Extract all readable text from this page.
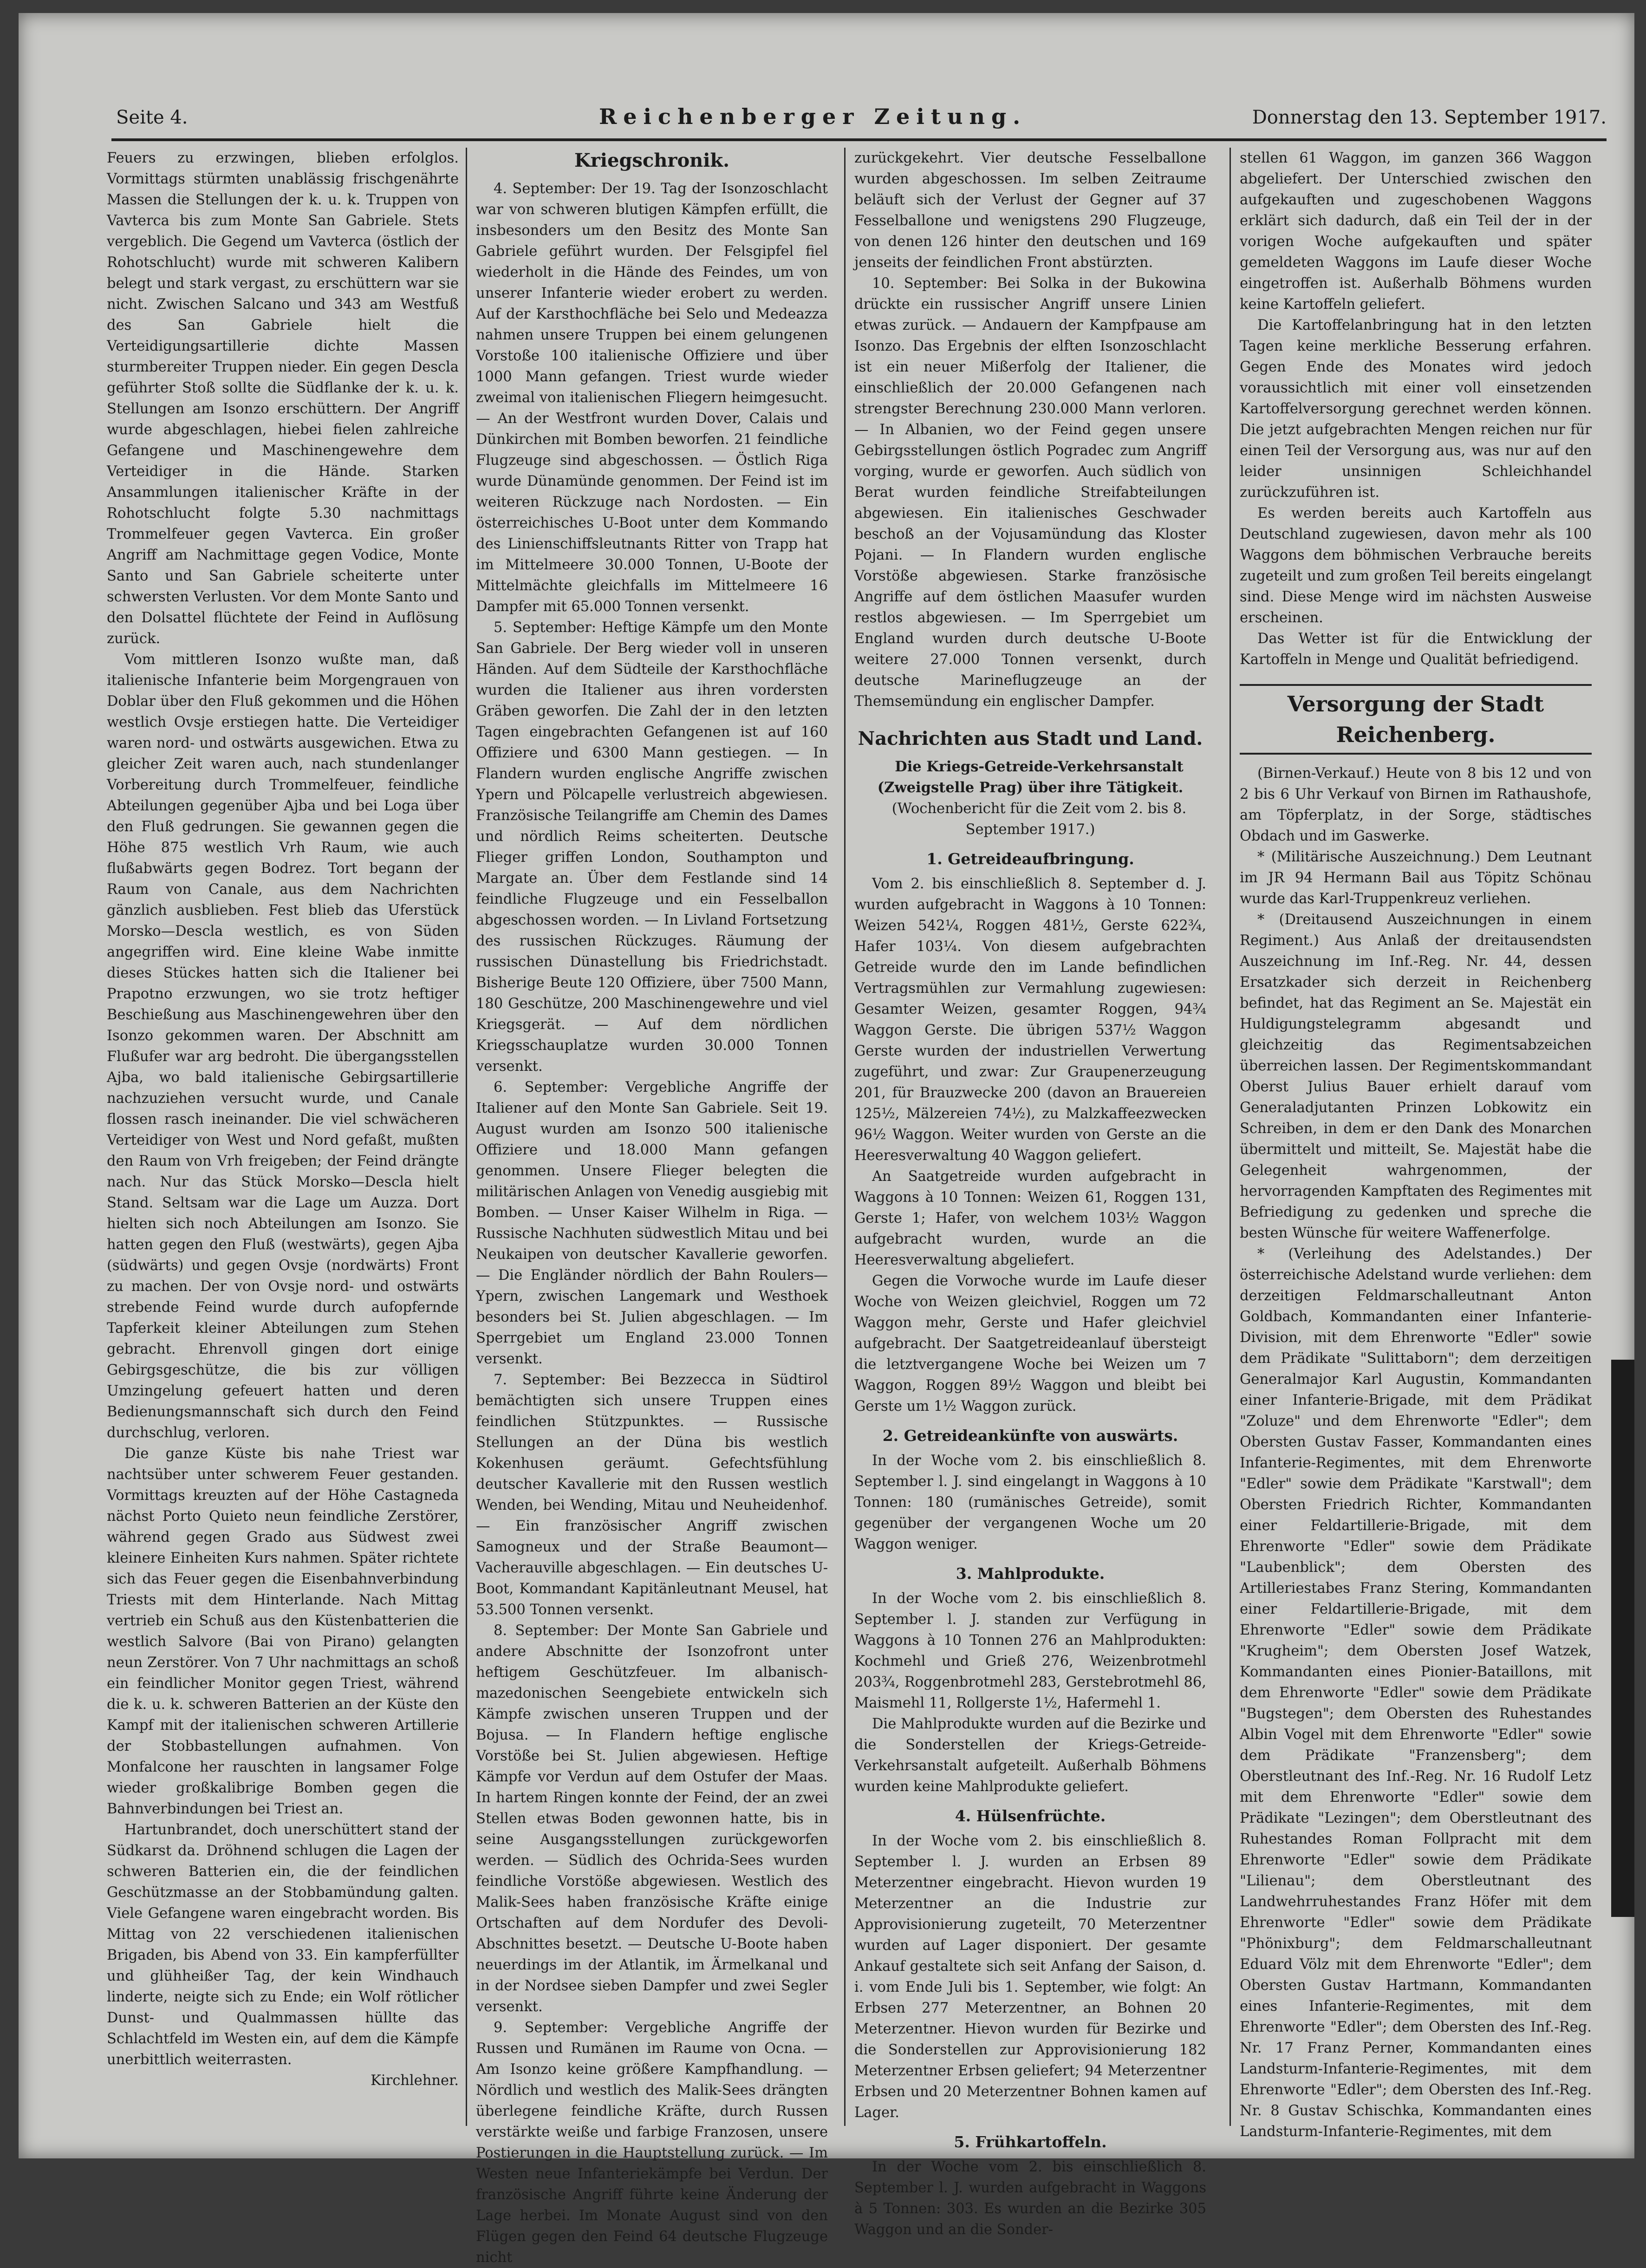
Seite 4.	Reichenberger Zeitung.	Donnerstag den 13. September 1917.

Feuers zu erzwingen, blieben erfolglos. Vormittags stürmten unablässig frischgenährte Massen die Stellungen der k. u. k. Truppen von Vavterca bis zum Monte San Gabriele. Stets vergeblich. Die Gegend um Vavterca (östlich der Rohotschlucht) wurde mit schweren Kalibern belegt und stark vergast, zu erschüttern war sie nicht. Zwischen Salcano und 343 am Westfuß des San Gabriele hielt die Verteidigungsartillerie dichte Massen sturmbereiter Truppen nieder. Ein gegen Descla geführter Stoß sollte die Südflanke der k. u. k. Stellungen am Isonzo erschüttern. Der Angriff wurde abgeschlagen, hiebei fielen zahlreiche Gefangene und Maschinengewehre dem Verteidiger in die Hände. Starken Ansammlungen italienischer Kräfte in der Rohotschlucht folgte 5.30 nachmittags Trommelfeuer gegen Vavterca. Ein großer Angriff am Nachmittage gegen Vodice, Monte Santo und San Gabriele scheiterte unter schwersten Verlusten. Vor dem Monte Santo und den Dolsattel flüchtete der Feind in Auflösung zurück.

Vom mittleren Isonzo wußte man, daß italienische Infanterie beim Morgengrauen von Doblar über den Fluß gekommen und die Höhen westlich Ovsje erstiegen hatte. Die Verteidiger waren nord- und ostwärts ausgewichen. Etwa zu gleicher Zeit waren auch, nach stundenlanger Vorbereitung durch Trommelfeuer, feindliche Abteilungen gegenüber Ajba und bei Loga über den Fluß gedrungen. Sie gewannen gegen die Höhe 875 westlich Vrh Raum, wie auch flußabwärts gegen Bodrez. Tort begann der Raum von Canale, aus dem Nachrichten gänzlich ausblieben. Fest blieb das Uferstück Morsko—Descla westlich, es von Süden angegriffen wird. Eine kleine Wabe inmitte dieses Stückes hatten sich die Italiener bei Prapotno erzwungen, wo sie trotz heftiger Beschießung aus Maschinengewehren über den Isonzo gekommen waren. Der Abschnitt am Flußufer war arg bedroht. Die übergangsstellen Ajba, wo bald italienische Gebirgsartillerie nachzuziehen versucht wurde, und Canale flossen rasch ineinander. Die viel schwächeren Verteidiger von West und Nord gefaßt, mußten den Raum von Vrh freigeben; der Feind drängte nach. Nur das Stück Morsko—Descla hielt Stand. Seltsam war die Lage um Auzza. Dort hielten sich noch Abteilungen am Isonzo. Sie hatten gegen den Fluß (westwärts), gegen Ajba (südwärts) und gegen Ovsje (nordwärts) Front zu machen. Der von Ovsje nord- und ostwärts strebende Feind wurde durch aufopfernde Tapferkeit kleiner Abteilungen zum Stehen gebracht. Ehrenvoll gingen dort einige Gebirgsgeschütze, die bis zur völligen Umzingelung gefeuert hatten und deren Bedienungsmannschaft sich durch den Feind durchschlug, verloren.

Die ganze Küste bis nahe Triest war nachtsüber unter schwerem Feuer gestanden. Vormittags kreuzten auf der Höhe Castagneda nächst Porto Quieto neun feindliche Zerstörer, während gegen Grado aus Südwest zwei kleinere Einheiten Kurs nahmen. Später richtete sich das Feuer gegen die Eisenbahnverbindung Triests mit dem Hinterlande. Nach Mittag vertrieb ein Schuß aus den Küstenbatterien die westlich Salvore (Bai von Pirano) gelangten neun Zerstörer. Von 7 Uhr nachmittags an schoß ein feindlicher Monitor gegen Triest, während die k. u. k. schweren Batterien an der Küste den Kampf mit der italienischen schweren Artillerie der Stobbastellungen aufnahmen. Von Monfalcone her rauschten in langsamer Folge wieder großkalibrige Bomben gegen die Bahnverbindungen bei Triest an.

Hartunbrandet, doch unerschüttert stand der Südkarst da. Dröhnend schlugen die Lagen der schweren Batterien ein, die der feindlichen Geschützmasse an der Stobbamündung galten. Viele Gefangene waren eingebracht worden. Bis Mittag von 22 verschiedenen italienischen Brigaden, bis Abend von 33. Ein kampferfüllter und glühheißer Tag, der kein Windhauch linderte, neigte sich zu Ende; ein Wolf rötlicher Dunst- und Qualmmassen hüllte das Schlachtfeld im Westen ein, auf dem die Kämpfe unerbittlich weiterrasten.

Kirchlehner.

Kriegschronik.

4. September: Der 19. Tag der Isonzoschlacht war von schweren blutigen Kämpfen erfüllt, die insbesonders um den Besitz des Monte San Gabriele geführt wurden. Der Felsgipfel fiel wiederholt in die Hände des Feindes, um von unserer Infanterie wieder erobert zu werden. Auf der Karsthochfläche bei Selo und Medeazza nahmen unsere Truppen bei einem gelungenen Vorstoße 100 italienische Offiziere und über 1000 Mann gefangen. Triest wurde wieder zweimal von italienischen Fliegern heimgesucht. — An der Westfront wurden Dover, Calais und Dünkirchen mit Bomben beworfen. 21 feindliche Flugzeuge sind abgeschossen. — Östlich Riga wurde Dünamünde genommen. Der Feind ist im weiteren Rückzuge nach Nordosten. — Ein österreichisches U-Boot unter dem Kommando des Linienschiffsleutnants Ritter von Trapp hat im Mittelmeere 30.000 Tonnen, U-Boote der Mittelmächte gleichfalls im Mittelmeere 16 Dampfer mit 65.000 Tonnen versenkt.

5. September: Heftige Kämpfe um den Monte San Gabriele. Der Berg wieder voll in unseren Händen. Auf dem Südteile der Karsthochfläche wurden die Italiener aus ihren vordersten Gräben geworfen. Die Zahl der in den letzten Tagen eingebrachten Gefangenen ist auf 160 Offiziere und 6300 Mann gestiegen. — In Flandern wurden englische Angriffe zwischen Ypern und Pölcapelle verlustreich abgewiesen. Französische Teilangriffe am Chemin des Dames und nördlich Reims scheiterten. Deutsche Flieger griffen London, Southampton und Margate an. Über dem Festlande sind 14 feindliche Flugzeuge und ein Fesselballon abgeschossen worden. — In Livland Fortsetzung des russischen Rückzuges. Räumung der russischen Dünastellung bis Friedrichstadt. Bisherige Beute 120 Offiziere, über 7500 Mann, 180 Geschütze, 200 Maschinengewehre und viel Kriegsgerät. — Auf dem nördlichen Kriegsschauplatze wurden 30.000 Tonnen versenkt.

6. September: Vergebliche Angriffe der Italiener auf den Monte San Gabriele. Seit 19. August wurden am Isonzo 500 italienische Offiziere und 18.000 Mann gefangen genommen. Unsere Flieger belegten die militärischen Anlagen von Venedig ausgiebig mit Bomben. — Unser Kaiser Wilhelm in Riga. — Russische Nachhuten südwestlich Mitau und bei Neukaipen von deutscher Kavallerie geworfen. — Die Engländer nördlich der Bahn Roulers—Ypern, zwischen Langemark und Westhoek besonders bei St. Julien abgeschlagen. — Im Sperrgebiet um England 23.000 Tonnen versenkt.

7. September: Bei Bezzecca in Südtirol bemächtigten sich unsere Truppen eines feindlichen Stützpunktes. — Russische Stellungen an der Düna bis westlich Kokenhusen geräumt. Gefechtsfühlung deutscher Kavallerie mit den Russen westlich Wenden, bei Wending, Mitau und Neuheidenhof. — Ein französischer Angriff zwischen Samogneux und der Straße Beaumont—Vacherauville abgeschlagen. — Ein deutsches U-Boot, Kommandant Kapitänleutnant Meusel, hat 53.500 Tonnen versenkt.

8. September: Der Monte San Gabriele und andere Abschnitte der Isonzofront unter heftigem Geschützfeuer. Im albanisch-mazedonischen Seengebiete entwickeln sich Kämpfe zwischen unseren Truppen und der Bojusa. — In Flandern heftige englische Vorstöße bei St. Julien abgewiesen. Heftige Kämpfe vor Verdun auf dem Ostufer der Maas. In hartem Ringen konnte der Feind, der an zwei Stellen etwas Boden gewonnen hatte, bis in seine Ausgangsstellungen zurückgeworfen werden. — Südlich des Ochrida-Sees wurden feindliche Vorstöße abgewiesen. Westlich des Malik-Sees haben französische Kräfte einige Ortschaften auf dem Nordufer des Devoli-Abschnittes besetzt. — Deutsche U-Boote haben neuerdings im der Atlantik, im Ärmelkanal und in der Nordsee sieben Dampfer und zwei Segler versenkt.

9. September: Vergebliche Angriffe der Russen und Rumänen im Raume von Ocna. — Am Isonzo keine größere Kampfhandlung. — Nördlich und westlich des Malik-Sees drängten überlegene feindliche Kräfte, durch Russen verstärkte weiße und farbige Franzosen, unsere Postierungen in die Hauptstellung zurück. — Im Westen neue Infanteriekämpfe bei Verdun. Der französische Angriff führte keine Änderung der Lage herbei. Im Monate August sind von den Flügen gegen den Feind 64 deutsche Flugzeuge nicht

zurückgekehrt. Vier deutsche Fesselballone wurden abgeschossen. Im selben Zeitraume beläuft sich der Verlust der Gegner auf 37 Fesselballone und wenigstens 290 Flugzeuge, von denen 126 hinter den deutschen und 169 jenseits der feindlichen Front abstürzten.

10. September: Bei Solka in der Bukowina drückte ein russischer Angriff unsere Linien etwas zurück. — Andauern der Kampfpause am Isonzo. Das Ergebnis der elften Isonzoschlacht ist ein neuer Mißerfolg der Italiener, die einschließlich der 20.000 Gefangenen nach strengster Berechnung 230.000 Mann verloren. — In Albanien, wo der Feind gegen unsere Gebirgsstellungen östlich Pogradec zum Angriff vorging, wurde er geworfen. Auch südlich von Berat wurden feindliche Streifabteilungen abgewiesen. Ein italienisches Geschwader beschoß an der Vojusamündung das Kloster Pojani. — In Flandern wurden englische Vorstöße abgewiesen. Starke französische Angriffe auf dem östlichen Maasufer wurden restlos abgewiesen. — Im Sperrgebiet um England wurden durch deutsche U-Boote weitere 27.000 Tonnen versenkt, durch deutsche Marineflugzeuge an der Themsemündung ein englischer Dampfer.

Nachrichten aus Stadt und Land.

Die Kriegs-Getreide-Verkehrsanstalt (Zweigstelle Prag) über ihre Tätigkeit.

(Wochenbericht für die Zeit vom 2. bis 8. September 1917.)

1. Getreideaufbringung.

Vom 2. bis einschließlich 8. September d. J. wurden aufgebracht in Waggons à 10 Tonnen: Weizen 542¼, Roggen 481½, Gerste 622¾, Hafer 103¼. Von diesem aufgebrachten Getreide wurde den im Lande befindlichen Vertragsmühlen zur Vermahlung zugewiesen: Gesamter Weizen, gesamter Roggen, 94¾ Waggon Gerste. Die übrigen 537½ Waggon Gerste wurden der industriellen Verwertung zugeführt, und zwar: Zur Graupenerzeugung 201, für Brauzwecke 200 (davon an Brauereien 125½, Mälzereien 74½), zu Malzkaffeezwecken 96½ Waggon. Weiter wurden von Gerste an die Heeresverwaltung 40 Waggon geliefert.

An Saatgetreide wurden aufgebracht in Waggons à 10 Tonnen: Weizen 61, Roggen 131, Gerste 1; Hafer, von welchem 103½ Waggon aufgebracht wurden, wurde an die Heeresverwaltung abgeliefert.

Gegen die Vorwoche wurde im Laufe dieser Woche von Weizen gleichviel, Roggen um 72 Waggon mehr, Gerste und Hafer gleichviel aufgebracht. Der Saatgetreideanlauf übersteigt die letztvergangene Woche bei Weizen um 7 Waggon, Roggen 89½ Waggon und bleibt bei Gerste um 1½ Waggon zurück.

2. Getreideankünfte von auswärts.

In der Woche vom 2. bis einschließlich 8. September l. J. sind eingelangt in Waggons à 10 Tonnen: 180 (rumänisches Getreide), somit gegenüber der vergangenen Woche um 20 Waggon weniger.

3. Mahlprodukte.

In der Woche vom 2. bis einschließlich 8. September l. J. standen zur Verfügung in Waggons à 10 Tonnen 276 an Mahlprodukten: Kochmehl und Grieß 276, Weizenbrotmehl 203¾, Roggenbrotmehl 283, Gerstebrotmehl 86, Maismehl 11, Rollgerste 1½, Hafermehl 1.

Die Mahlprodukte wurden auf die Bezirke und die Sonderstellen der Kriegs-Getreide-Verkehrsanstalt aufgeteilt. Außerhalb Böhmens wurden keine Mahlprodukte geliefert.

4. Hülsenfrüchte.

In der Woche vom 2. bis einschließlich 8. September l. J. wurden an Erbsen 89 Meterzentner eingebracht. Hievon wurden 19 Meterzentner an die Industrie zur Approvisionierung zugeteilt, 70 Meterzentner wurden auf Lager disponiert. Der gesamte Ankauf gestaltete sich seit Anfang der Saison, d. i. vom Ende Juli bis 1. September, wie folgt: An Erbsen 277 Meterzentner, an Bohnen 20 Meterzentner. Hievon wurden für Bezirke und die Sonderstellen zur Approvisionierung 182 Meterzentner Erbsen geliefert; 94 Meterzentner Erbsen und 20 Meterzentner Bohnen kamen auf Lager.

5. Frühkartoffeln.

In der Woche vom 2. bis einschließlich 8. September l. J. wurden aufgebracht in Waggons à 5 Tonnen: 303. Es wurden an die Bezirke 305 Waggon und an die Sonder-

stellen 61 Waggon, im ganzen 366 Waggon abgeliefert. Der Unterschied zwischen den aufgekauften und zugeschobenen Waggons erklärt sich dadurch, daß ein Teil der in der vorigen Woche aufgekauften und später gemeldeten Waggons im Laufe dieser Woche eingetroffen ist. Außerhalb Böhmens wurden keine Kartoffeln geliefert.

Die Kartoffelanbringung hat in den letzten Tagen keine merkliche Besserung erfahren. Gegen Ende des Monates wird jedoch voraussichtlich mit einer voll einsetzenden Kartoffelversorgung gerechnet werden können. Die jetzt aufgebrachten Mengen reichen nur für einen Teil der Versorgung aus, was nur auf den leider unsinnigen Schleichhandel zurückzuführen ist.

Es werden bereits auch Kartoffeln aus Deutschland zugewiesen, davon mehr als 100 Waggons dem böhmischen Verbrauche bereits zugeteilt und zum großen Teil bereits eingelangt sind. Diese Menge wird im nächsten Ausweise erscheinen.

Das Wetter ist für die Entwicklung der Kartoffeln in Menge und Qualität befriedigend.

Versorgung der Stadt Reichenberg.

(Birnen-Verkauf.) Heute von 8 bis 12 und von 2 bis 6 Uhr Verkauf von Birnen im Rathaushofe, am Töpferplatz, in der Sorge, städtisches Obdach und im Gaswerke.

* (Militärische Auszeichnung.) Dem Leutnant im JR 94 Hermann Bail aus Töpitz Schönau wurde das Karl-Truppenkreuz verliehen.

* (Dreitausend Auszeichnungen in einem Regiment.) Aus Anlaß der dreitausendsten Auszeichnung im Inf.-Reg. Nr. 44, dessen Ersatzkader sich derzeit in Reichenberg befindet, hat das Regiment an Se. Majestät ein Huldigungstelegramm abgesandt und gleichzeitig das Regimentsabzeichen überreichen lassen. Der Regimentskommandant Oberst Julius Bauer erhielt darauf vom Generaladjutanten Prinzen Lobkowitz ein Schreiben, in dem er den Dank des Monarchen übermittelt und mitteilt, Se. Majestät habe die Gelegenheit wahrgenommen, der hervorragenden Kampftaten des Regimentes mit Befriedigung zu gedenken und spreche die besten Wünsche für weitere Waffenerfolge.

* (Verleihung des Adelstandes.) Der österreichische Adelstand wurde verliehen: dem derzeitigen Feldmarschalleutnant Anton Goldbach, Kommandanten einer Infanterie-Division, mit dem Ehrenworte "Edler" sowie dem Prädikate "Sulittaborn"; dem derzeitigen Generalmajor Karl Augustin, Kommandanten einer Infanterie-Brigade, mit dem Prädikat "Zoluze" und dem Ehrenworte "Edler"; dem Obersten Gustav Fasser, Kommandanten eines Infanterie-Regimentes, mit dem Ehrenworte "Edler" sowie dem Prädikate "Karstwall"; dem Obersten Friedrich Richter, Kommandanten einer Feldartillerie-Brigade, mit dem Ehrenworte "Edler" sowie dem Prädikate "Laubenblick"; dem Obersten des Artilleriestabes Franz Stering, Kommandanten einer Feldartillerie-Brigade, mit dem Ehrenworte "Edler" sowie dem Prädikate "Krugheim"; dem Obersten Josef Watzek, Kommandanten eines Pionier-Bataillons, mit dem Ehrenworte "Edler" sowie dem Prädikate "Bugstegen"; dem Obersten des Ruhestandes Albin Vogel mit dem Ehrenworte "Edler" sowie dem Prädikate "Franzensberg"; dem Oberstleutnant des Inf.-Reg. Nr. 16 Rudolf Letz mit dem Ehrenworte "Edler" sowie dem Prädikate "Lezingen"; dem Oberstleutnant des Ruhestandes Roman Follpracht mit dem Ehrenworte "Edler" sowie dem Prädikate "Lilienau"; dem Oberstleutnant des Landwehrruhestandes Franz Höfer mit dem Ehrenworte "Edler" sowie dem Prädikate "Phönixburg"; dem Feldmarschalleutnant Eduard Völz mit dem Ehrenworte "Edler"; dem Obersten Gustav Hartmann, Kommandanten eines Infanterie-Regimentes, mit dem Ehrenworte "Edler"; dem Obersten des Inf.-Reg. Nr. 17 Franz Perner, Kommandanten eines Landsturm-Infanterie-Regimentes, mit dem Ehrenworte "Edler"; dem Obersten des Inf.-Reg. Nr. 8 Gustav Schischka, Kommandanten eines Landsturm-Infanterie-Regimentes, mit dem
